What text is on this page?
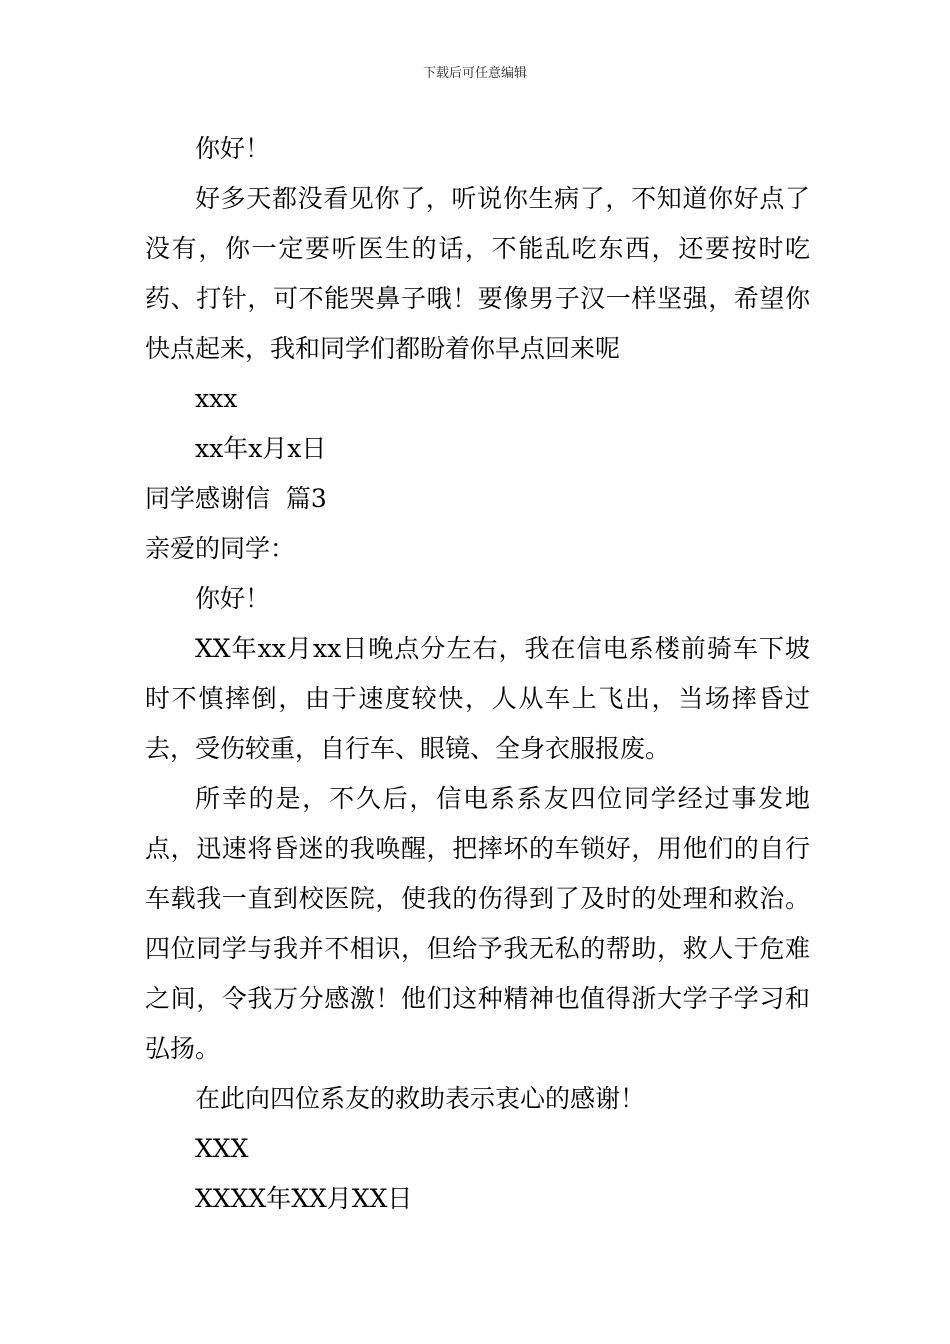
下载后可任意编辑

你好！

好多天都没看见你了，听说你生病了，不知道你好点了没有，你一定要听医生的话，不能乱吃东西，还要按时吃药、打针，可不能哭鼻子哦！要像男子汉一样坚强，希望你快点起来，我和同学们都盼着你早点回来呢

xxx

xx年x月x日

同学感谢信  篇3

亲爱的同学：

你好！

XX年xx月xx日晚点分左右，我在信电系楼前骑车下坡时不慎摔倒，由于速度较快，人从车上飞出，当场摔昏过去，受伤较重，自行车、眼镜、全身衣服报废。

所幸的是，不久后，信电系系友四位同学经过事发地点，迅速将昏迷的我唤醒，把摔坏的车锁好，用他们的自行车载我一直到校医院，使我的伤得到了及时的处理和救治。 四位同学与我并不相识，但给予我无私的帮助，救人于危难之间，令我万分感激！他们这种精神也值得浙大学子学习和弘扬。

在此向四位系友的救助表示衷心的感谢！

XXX

XXXX年XX月XX日
